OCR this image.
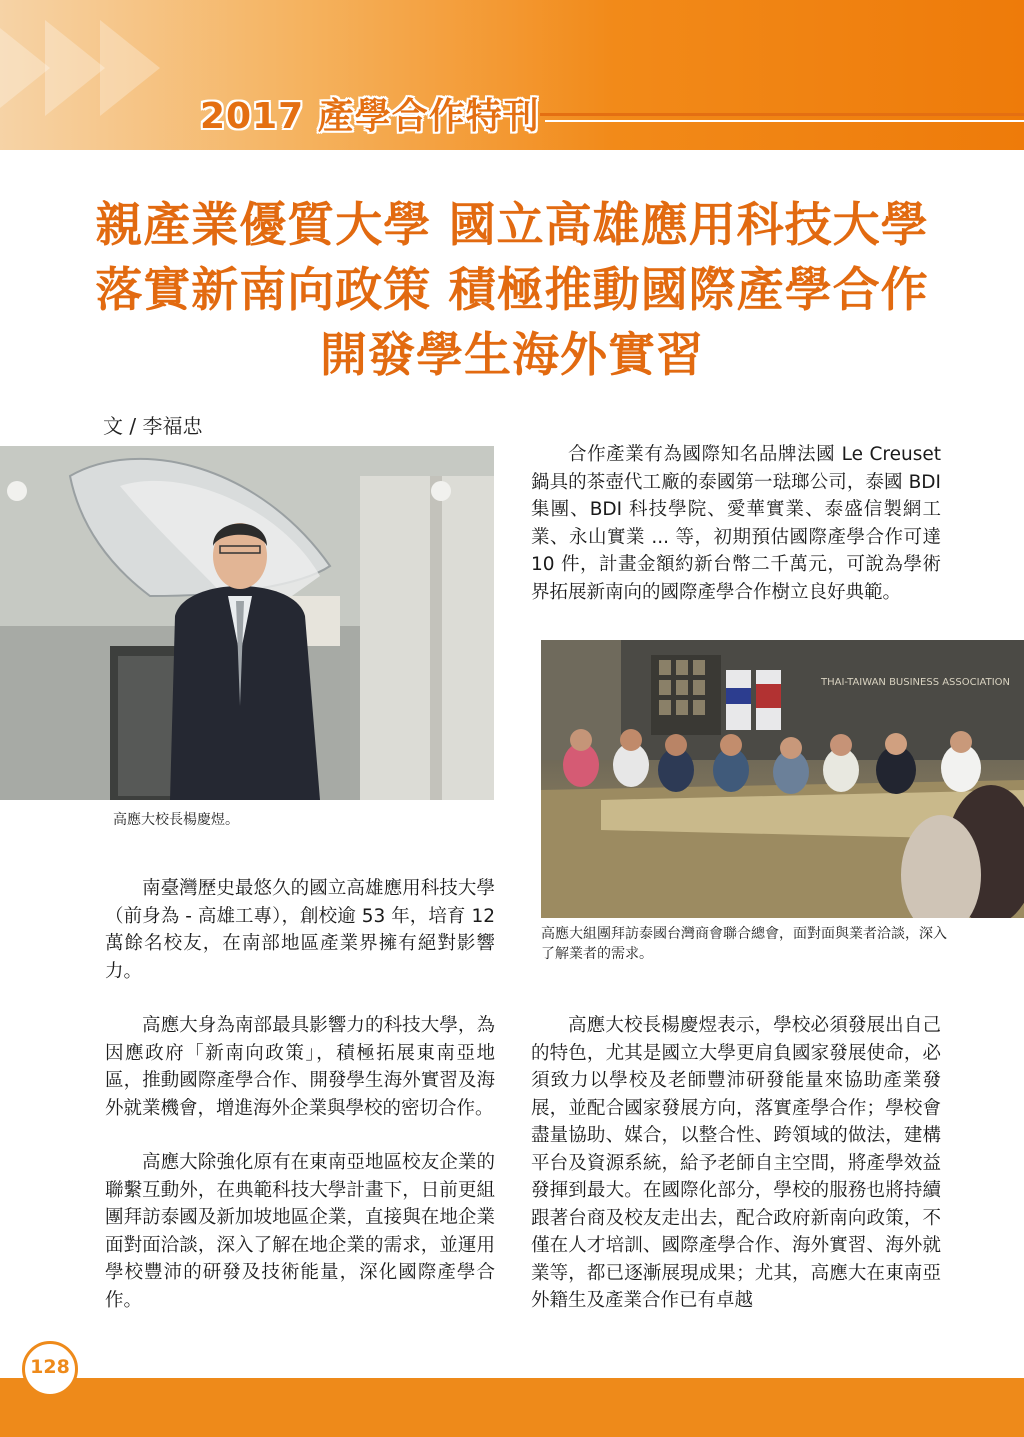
2017 產學合作特刊
親產業優質大學 國立高雄應用科技大學
落實新南向政策 積極推動國際產學合作
開發學生海外實習
文 / 李福忠
高應大校長楊慶煜。
THAI-TAIWAN BUSINESS ASSOCIATION
高應大組團拜訪泰國台灣商會聯合總會，面對面與業者洽談，深入了解業者的需求。

南臺灣歷史最悠久的國立高雄應用科技大學（前身為 - 高雄工專），創校逾 53 年，培育 12 萬餘名校友，在南部地區產業界擁有絕對影響力。

高應大身為南部最具影響力的科技大學，為因應政府「新南向政策」，積極拓展東南亞地區，推動國際產學合作、開發學生海外實習及海外就業機會，增進海外企業與學校的密切合作。

高應大除強化原有在東南亞地區校友企業的聯繫互動外，在典範科技大學計畫下，日前更組團拜訪泰國及新加坡地區企業，直接與在地企業面對面洽談，深入了解在地企業的需求，並運用學校豐沛的研發及技術能量，深化國際產學合作。

合作產業有為國際知名品牌法國 Le Creuset 鍋具的茶壺代工廠的泰國第一琺瑯公司，泰國 BDI 集團、BDI 科技學院、愛華實業、泰盛信製網工業、永山實業 ... 等，初期預估國際產學合作可達 10 件，計畫金額約新台幣二千萬元，可說為學術界拓展新南向的國際產學合作樹立良好典範。

高應大校長楊慶煜表示，學校必須發展出自己的特色，尤其是國立大學更肩負國家發展使命，必須致力以學校及老師豐沛研發能量來協助產業發展，並配合國家發展方向，落實產學合作；學校會盡量協助、媒合，以整合性、跨領域的做法，建構平台及資源系統，給予老師自主空間，將產學效益發揮到最大。在國際化部分，學校的服務也將持續跟著台商及校友走出去，配合政府新南向政策，不僅在人才培訓、國際產學合作、海外實習、海外就業等，都已逐漸展現成果；尤其，高應大在東南亞外籍生及產業合作已有卓越

128
